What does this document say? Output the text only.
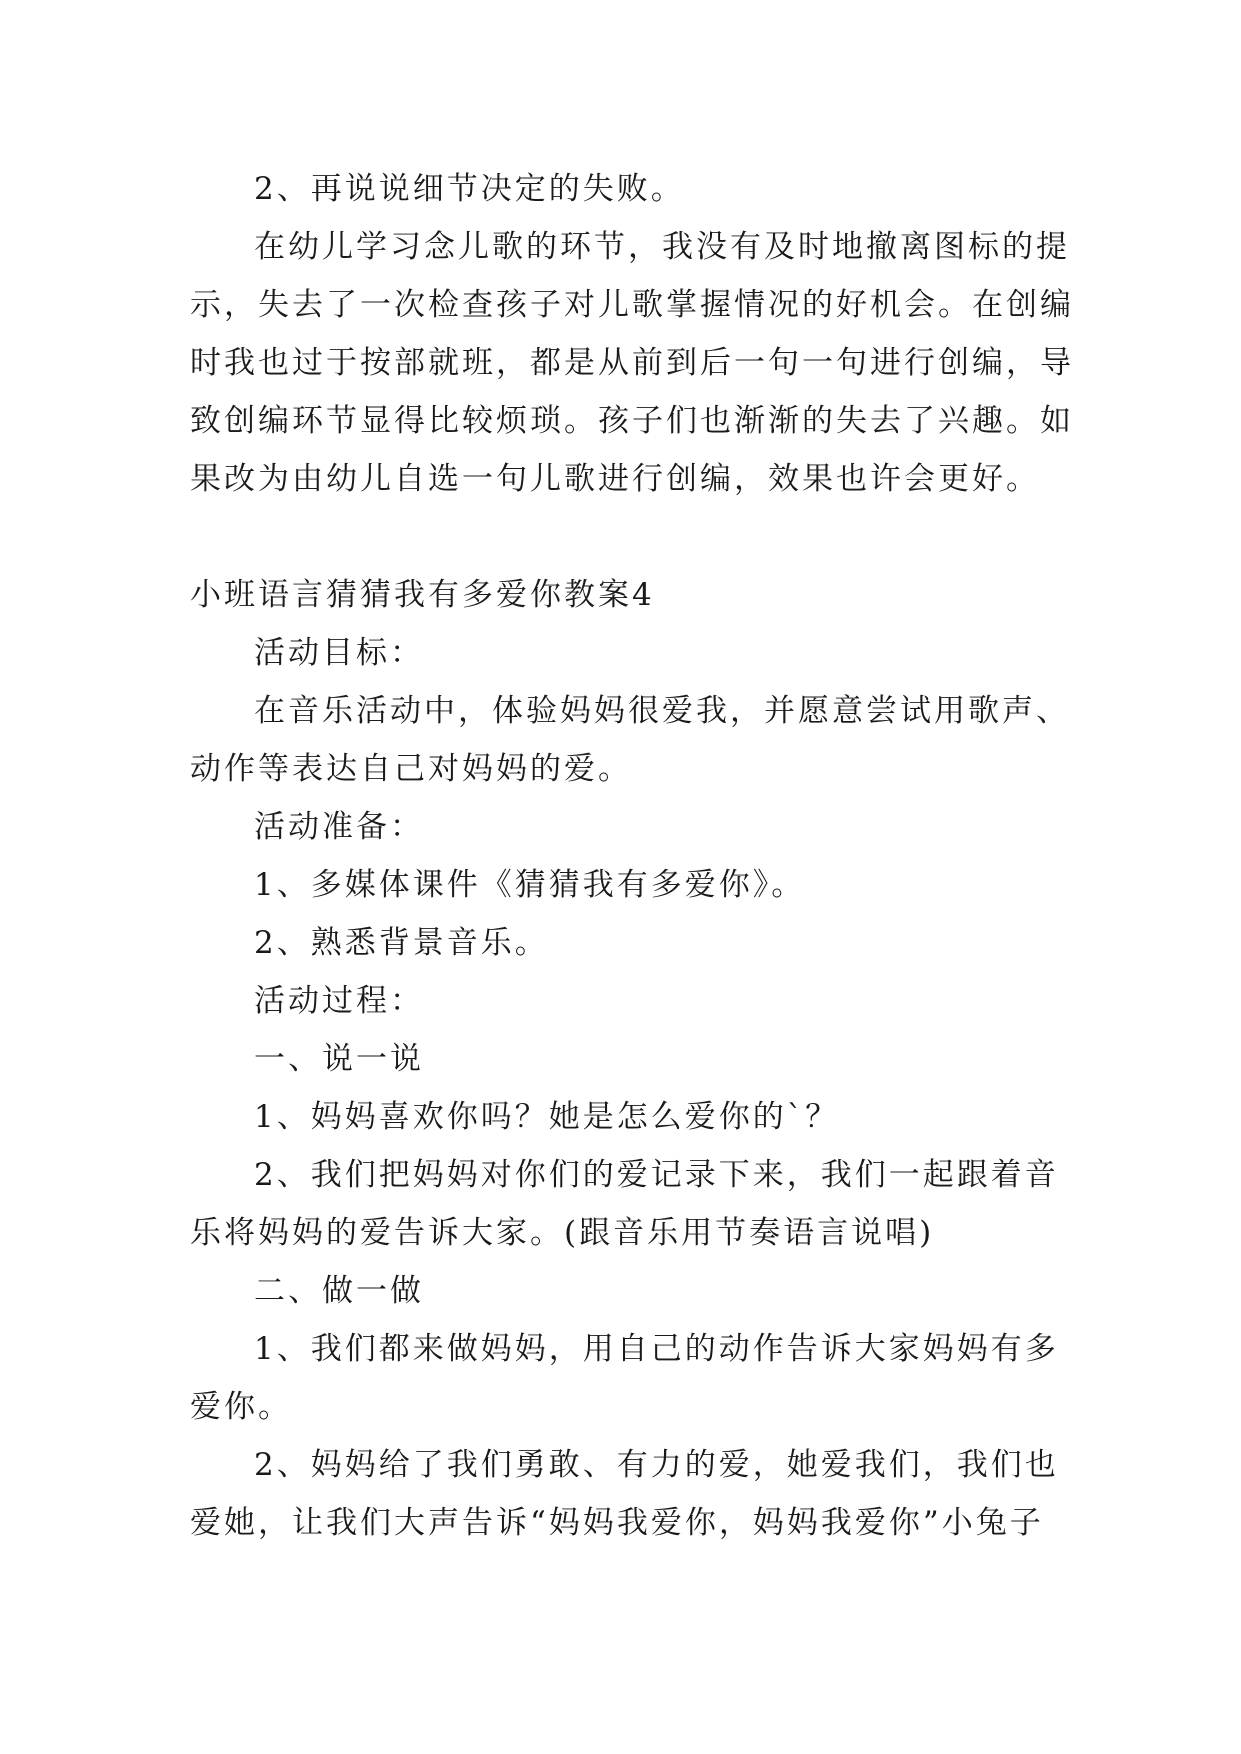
2、再说说细节决定的失败。
在幼儿学习念儿歌的环节，我没有及时地撤离图标的提
示，失去了一次检查孩子对儿歌掌握情况的好机会。在创编
时我也过于按部就班，都是从前到后一句一句进行创编，导
致创编环节显得比较烦琐。孩子们也渐渐的失去了兴趣。如
果改为由幼儿自选一句儿歌进行创编，效果也许会更好。
小班语言猜猜我有多爱你教案4
活动目标：
在音乐活动中，体验妈妈很爱我，并愿意尝试用歌声、
动作等表达自己对妈妈的爱。
活动准备：
1、多媒体课件《猜猜我有多爱你》。
2、熟悉背景音乐。
活动过程：
一、说一说
1、妈妈喜欢你吗？她是怎么爱你的`？
2、我们把妈妈对你们的爱记录下来，我们一起跟着音
乐将妈妈的爱告诉大家。(跟音乐用节奏语言说唱)
二、做一做
1、我们都来做妈妈，用自己的动作告诉大家妈妈有多
爱你。
2、妈妈给了我们勇敢、有力的爱，她爱我们，我们也
爱她，让我们大声告诉“妈妈我爱你，妈妈我爱你”小兔子
